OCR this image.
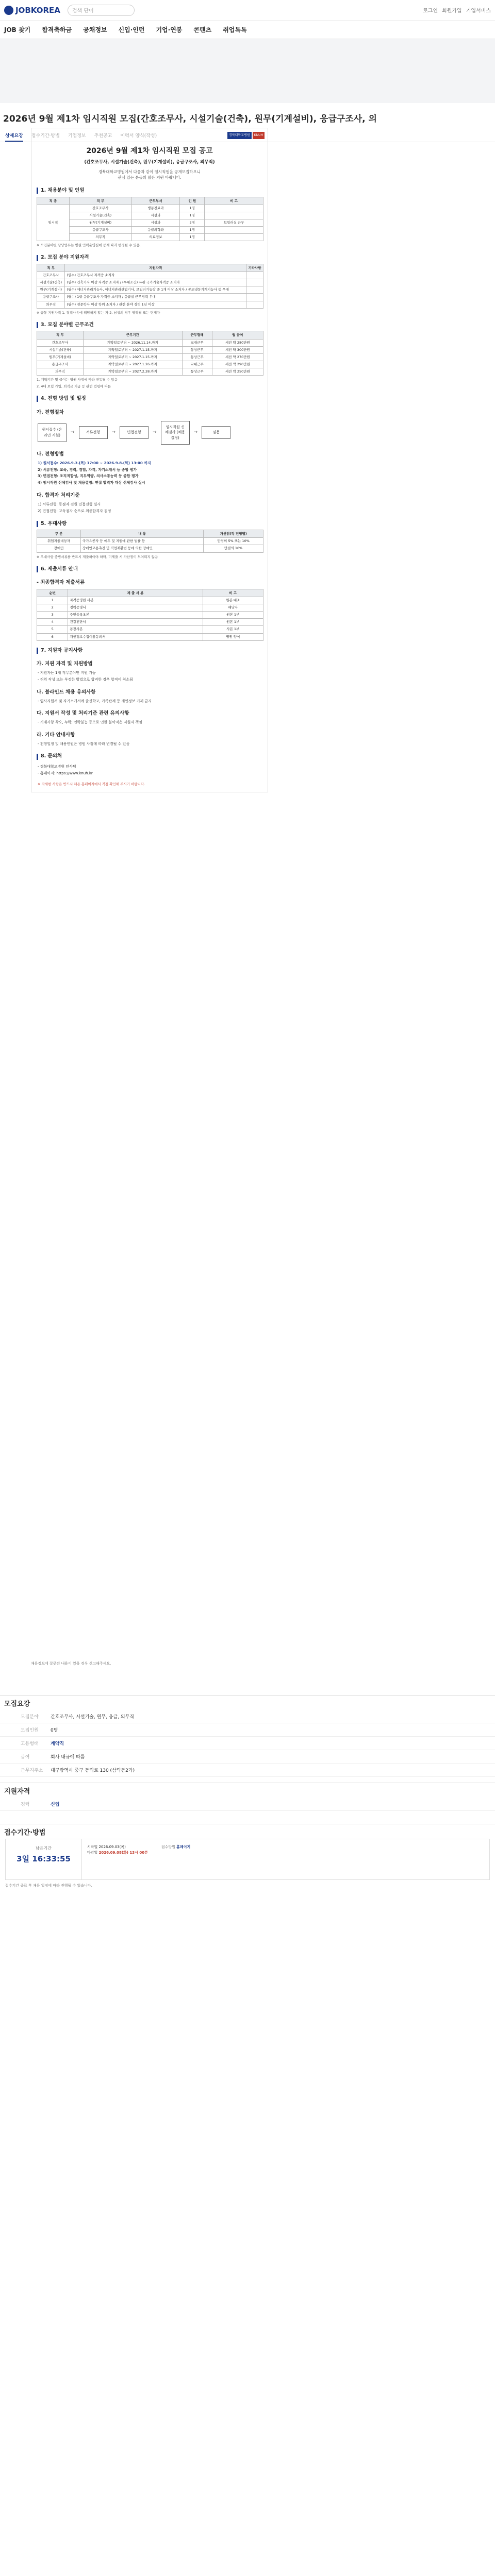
JOBKOREA 검색 단어	로그인 회원가입 기업서비스
JOB 찾기 합격축하금 공채정보 신입·인턴 기업·연봉 콘텐츠 취업톡톡
2026년 9월 제1차 임시직원 모집(간호조무사, 시설기술(건축), 원무(기계설비), 응급구조사, 의
상세요강 접수기간·방법 기업정보 추천공고 이력서 양식(작성)	경북대학교병원	KNUH
2026년 9월 제1차 임시직원 모집 공고
(간호조무사, 시설기술(건축), 원무(기계설비), 응급구조사, 의무직)
경북대학교병원에서 다음과 같이 임시직원을 공개모집하오니
관심 있는 분들의 많은 지원 바랍니다.
1. 채용분야 및 인원
직 종	직 무	근무부서	인 원	비 고
임시직	간호조무사	병동진료과	1명	
	시설기술(건축)	시설과	1명	
	원무(기계설비)	시설과	2명	보일러실 근무
	응급구조사	응급의학과	1명	
	의무직	의료정보	1명	
※ 모집분야별 담당업무는 병원 인력운영실에 등재 따라 변경될 수 있음.
2. 모집 분야 지원자격
직 무	지원자격	기타사항
간호조무사	(필수) 간호조무사 자격증 소지자	
시설기술(건축)	(필수) 건축기사 이상 자격증 소지자 / (우대조건) 유관 국가기술자격증 소지자	
원무(기계설비)	(필수) 에너지관리기능사, 에너지관리산업기사, 보일러기능장 중 1개 이상 소지자 / 공조냉동기계기능사 등 우대	
응급구조사	(필수) 1급 응급구조사 자격증 소지자 / 응급실 근무경력 우대	
의무직	(필수) 전문학사 이상 학위 소지자 / 관련 분야 경력 1년 이상	
※ 공통 지원자격 1. 결격사유에 해당하지 않는 자 2. 남성의 경우 병역필 또는 면제자
3. 모집 분야별 근무조건
직 무	근무기간	근무형태	월 급여
간호조무사	계약일로부터 ~ 2026.11.14.까지	교대근무	세전 약 280만원
시설기술(건축)	계약일로부터 ~ 2027.1.15.까지	통상근무	세전 약 300만원
원무(기계설비)	계약일로부터 ~ 2027.1.15.까지	통상근무	세전 약 270만원
응급구조사	계약일로부터 ~ 2027.1.26.까지	교대근무	세전 약 290만원
의무직	계약일로부터 ~ 2027.2.28.까지	통상근무	세전 약 250만원
1. 계약기간 및 급여는 병원 사정에 따라 변동될 수 있음
2. 4대 보험 가입, 퇴직금 지급 등 관련 법령에 따름
4. 전형 방법 및 일정
가. 전형절차
원서접수 (온라인 지원)
→	서류전형	→	면접전형	→
임시직원 신체검사 (채용결정)
→	임용
나. 전형방법
1) 원서접수: 2026.9.3.(목) 17:00 ~ 2026.9.8.(화) 13:00 까지
2) 서류전형: 교육, 경력, 경험, 자격, 자기소개서 등 종합 평가
3) 면접전형: 조직적합성, 직무역량, 의사소통능력 등 종합 평가
4) 임시직원 신체검사 및 채용결정: 면접 합격자 대상 신체검사 실시
다. 합격자 처리기준
1) 서류전형: 동점자 전원 면접전형 실시
2) 면접전형: 고득점자 순으로 최종합격자 결정
5. 우대사항
구 분	내 용	가산점(각 전형별)
취업지원대상자	국가유공자 등 예우 및 지원에 관한 법률 등	만점의 5% 또는 10%
장애인	장애인고용촉진 및 직업재활법 등에 의한 장애인	만점의 10%
※ 우대사항 증빙서류를 반드시 제출하여야 하며, 미제출 시 가산점이 부여되지 않음
6. 제출서류 안내
- 최종합격자 제출서류
순번	제 출 서 류	비 고
1	자격증명원 사본	원본 대조
2	경력증명서	해당자
3	주민등록초본	원본 1부
4	건강진단서	원본 1부
5	통장사본	사본 1부
6	개인정보수집이용동의서	병원 양식
7. 지원자 공지사항
가. 지원 자격 및 지원방법
- 지원자는 1개 직무분야만 지원 가능
- 허위 작성 또는 부정한 방법으로 합격한 경우 합격이 취소됨
나. 블라인드 채용 유의사항
- 입사지원서 및 자기소개서에 출신학교, 가족관계 등 개인정보 기재 금지
다. 지원서 작성 및 처리기준 관련 유의사항
- 기재사항 착오, 누락, 연락불능 등으로 인한 불이익은 지원자 책임
라. 기타 안내사항
- 전형일정 및 채용인원은 병원 사정에 따라 변경될 수 있음
8. 문의처
- 경북대학교병원 인사팀
- 홈페이지: https://www.knuh.kr
※ 자세한 사항은 반드시 채용 홈페이지에서 직접 확인해 주시기 바랍니다.
채용정보에 잘못된 내용이 있을 경우 신고해주세요.
모집요강
모집분야	간호조무사, 시설기술, 원무, 응급, 의무직
모집인원	0명
고용형태	계약직
급여	회사 내규에 따름
근무지주소	대구광역시 중구 동덕로 130 (삼덕동2가)
지원자격
경력	신입
접수기간·방법
남은기간
3일 16:33:55
시작일 2026.09.03(목)
마감일 2026.09.08(화) 13시 00분
접수방법 홈페이지
접수기간 종료 후 채용 일정에 따라 진행될 수 있습니다.
